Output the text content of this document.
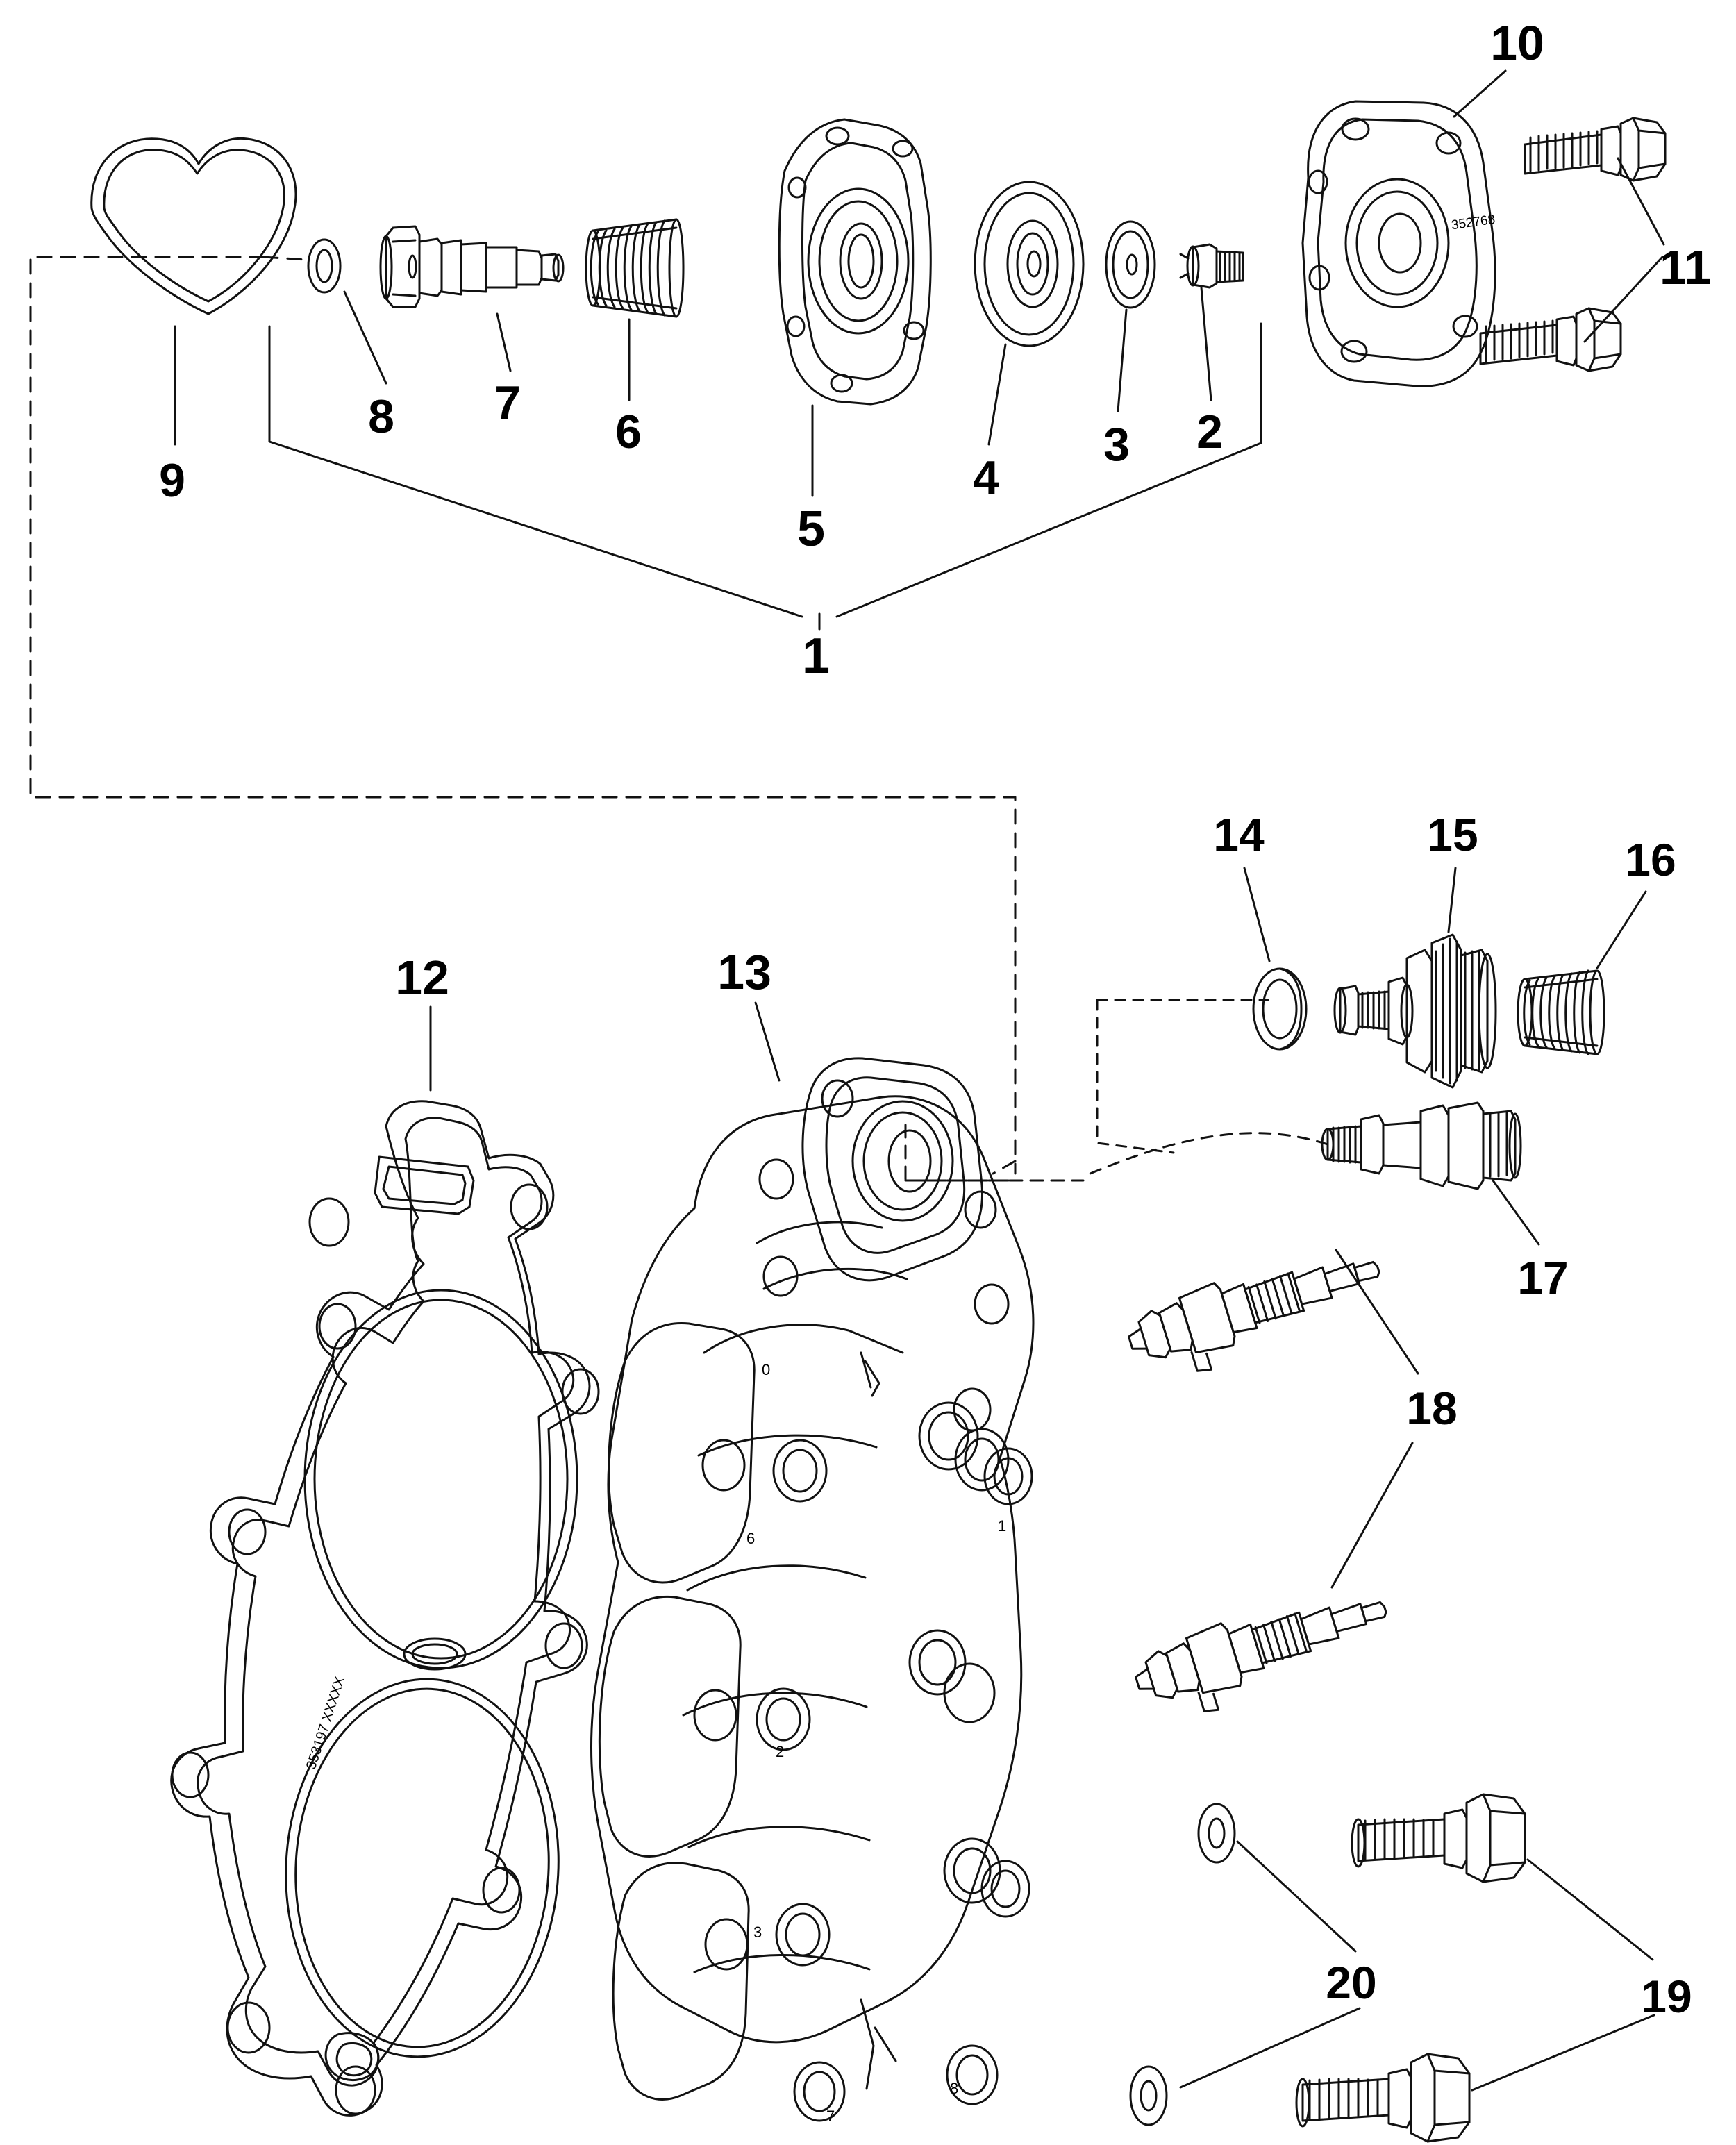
1
2
3
4
5
6
7
8
9
10
11
12	13
14	15	16
17
18
19
20
352768
353197 XXXXX
0
6
2
3
7
8
1
